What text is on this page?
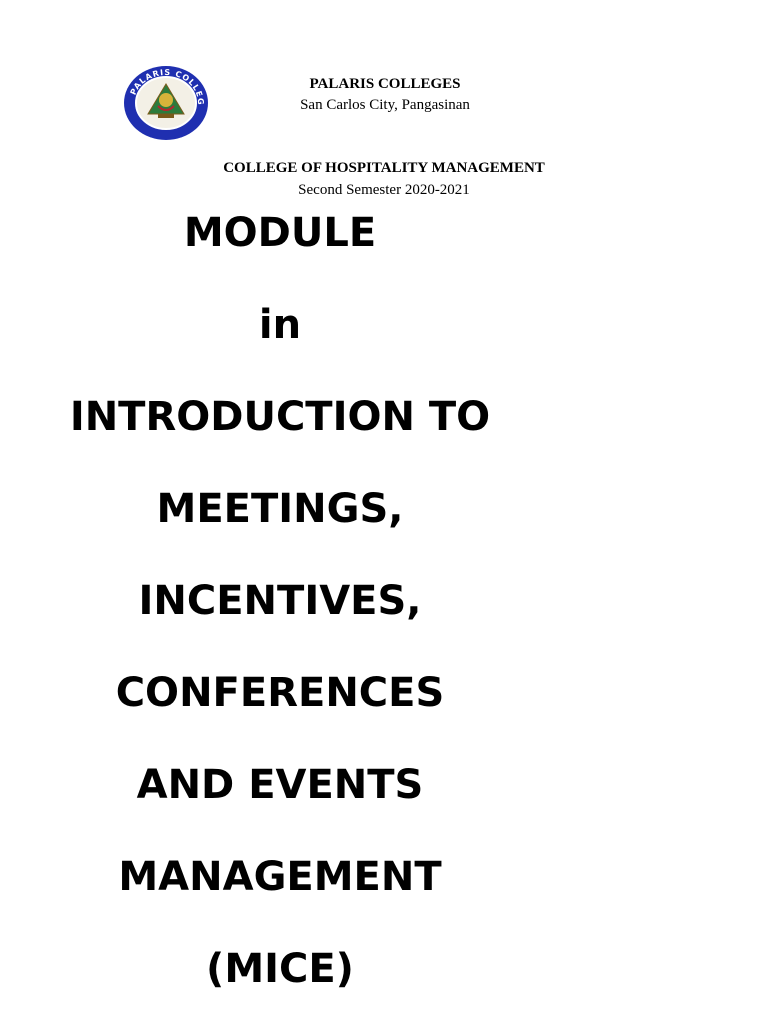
PALARIS COLLEG
PALARIS COLLEGES
San Carlos City, Pangasinan
COLLEGE OF HOSPITALITY MANAGEMENT
Second Semester 2020-2021
MODULE
in
INTRODUCTION TO
MEETINGS,
INCENTIVES,
CONFERENCES
AND EVENTS
MANAGEMENT
(MICE)
